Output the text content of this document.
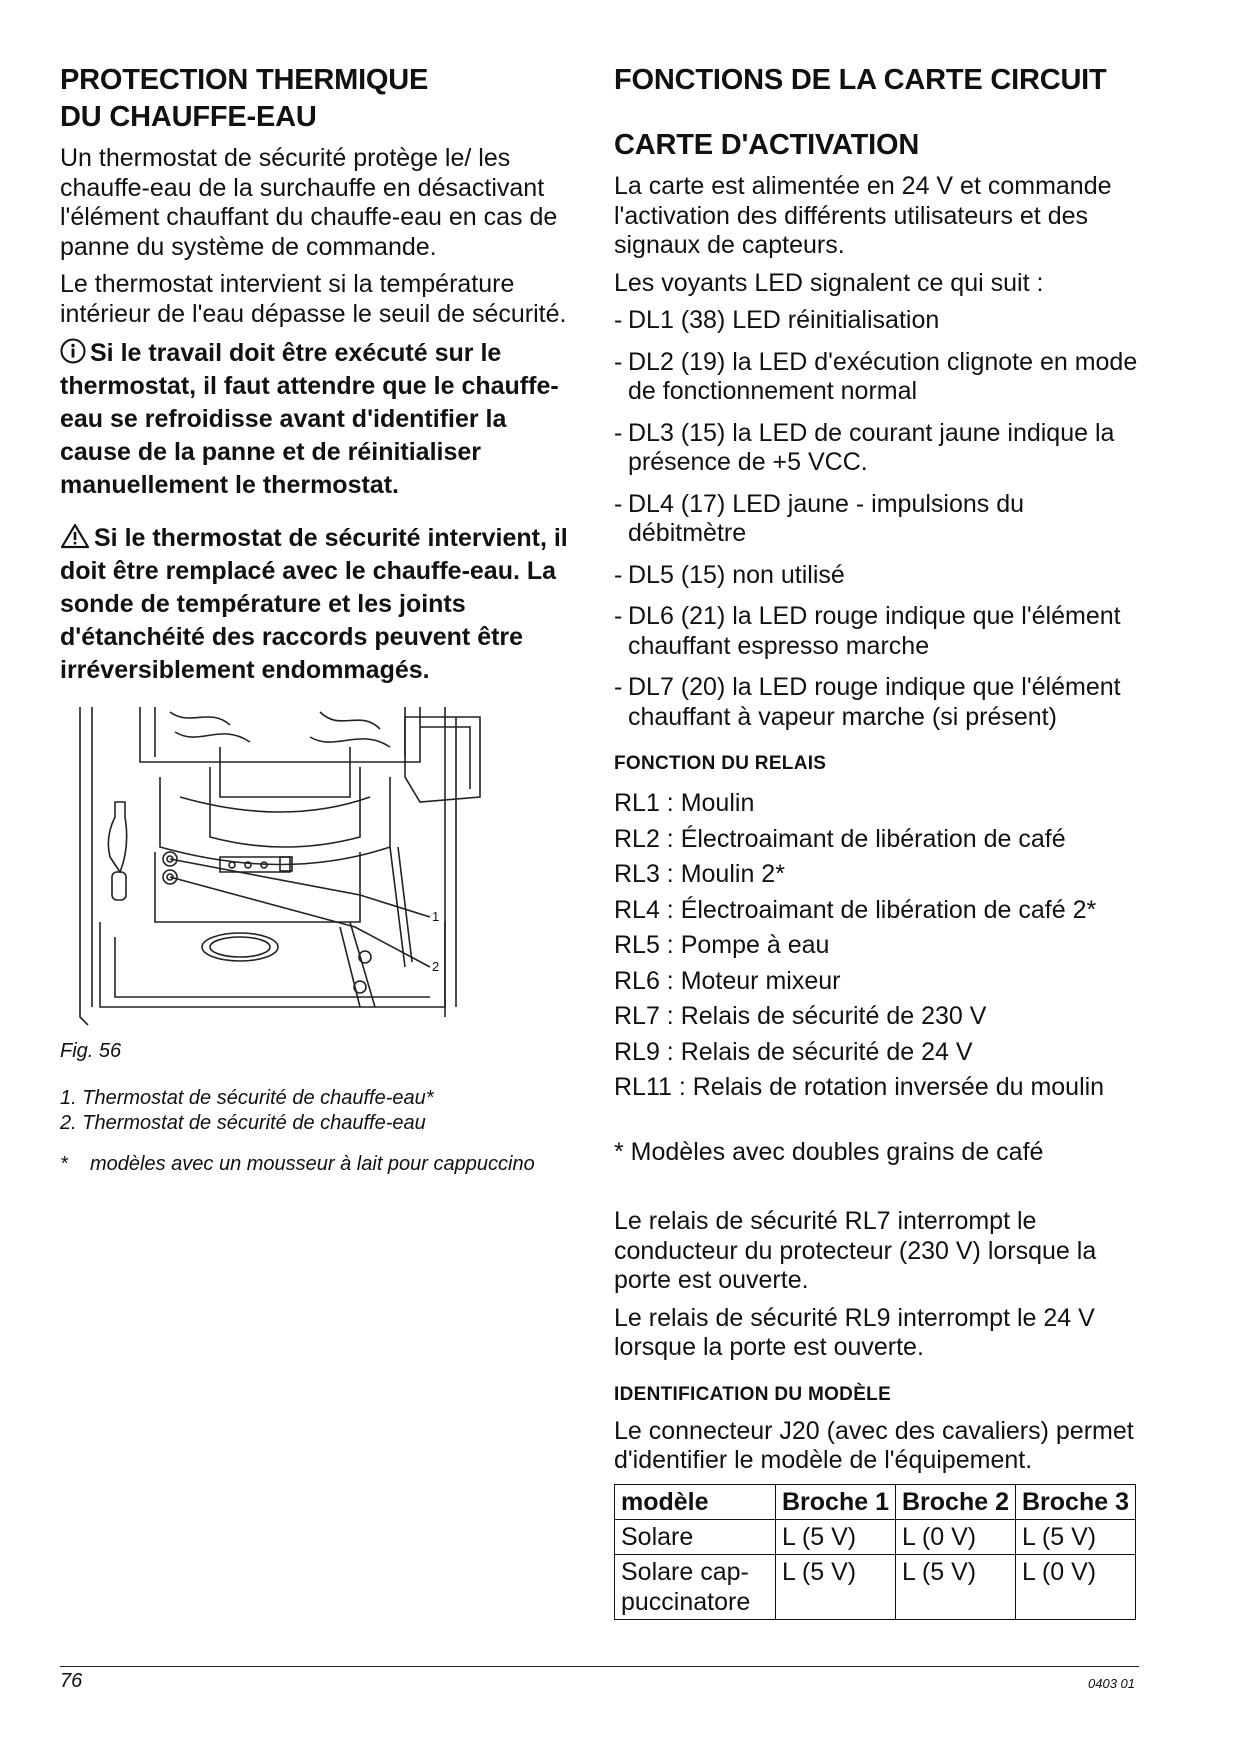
PROTECTION THERMIQUE
DU CHAUFFE-EAU

Un thermostat de sécurité protège le/ les chauffe-eau de la surchauffe en désactivant l'élément chauffant du chauffe-eau en cas de panne du système de commande.

Le thermostat intervient si la température intérieur de l'eau dépasse le seuil de sécurité.

Si le travail doit être exécuté sur le thermostat, il faut attendre que le chauffe-eau se refroidisse avant d'identifier la cause de la panne et de réinitialiser manuellement le thermostat.

Si le thermostat de sécurité intervient, il doit être remplacé avec le chauffe-eau. La sonde de température et les joints d'étanchéité des raccords peuvent être irréversiblement endommagés.

1
2
Fig. 56
1. Thermostat de sécurité de chauffe-eau*
2. Thermostat de sécurité de chauffe-eau
*	modèles avec un mousseur à lait pour cappuccino
FONCTIONS DE LA CARTE CIRCUIT
CARTE D'ACTIVATION

La carte est alimentée en 24 V et commande l'activation des différents utilisateurs et des signaux de capteurs.

Les voyants LED signalent ce qui suit :

- DL1 (38) LED réinitialisation
- DL2 (19) la LED d'exécution clignote en mode de fonctionnement normal
- DL3 (15) la LED de courant jaune indique la présence de +5 VCC.
- DL4 (17) LED jaune - impulsions du débitmètre
- DL5 (15) non utilisé
- DL6 (21) la LED rouge indique que l'élément chauffant espresso marche
- DL7 (20) la LED rouge indique que l'élément chauffant à vapeur marche (si présent)
FONCTION DU RELAIS
RL1 : Moulin
RL2 : Électroaimant de libération de café
RL3 : Moulin 2*
RL4 : Électroaimant de libération de café 2*
RL5 : Pompe à eau
RL6 : Moteur mixeur
RL7 : Relais de sécurité de 230 V
RL9 : Relais de sécurité de 24 V
RL11 : Relais de rotation inversée du moulin

* Modèles avec doubles grains de café

Le relais de sécurité RL7 interrompt le conducteur du protecteur (230 V) lorsque la porte est ouverte.

Le relais de sécurité RL9 interrompt le 24 V lorsque la porte est ouverte.

IDENTIFICATION DU MODÈLE

Le connecteur J20 (avec des cavaliers) permet d'identifier le modèle de l'équipement.

modèle	Broche 1	Broche 2	Broche 3
Solare	L (5 V)	L (0 V)	L (5 V)
Solare cap-puccinatore	L (5 V)	L (5 V)	L (0 V)
76	0403 01
